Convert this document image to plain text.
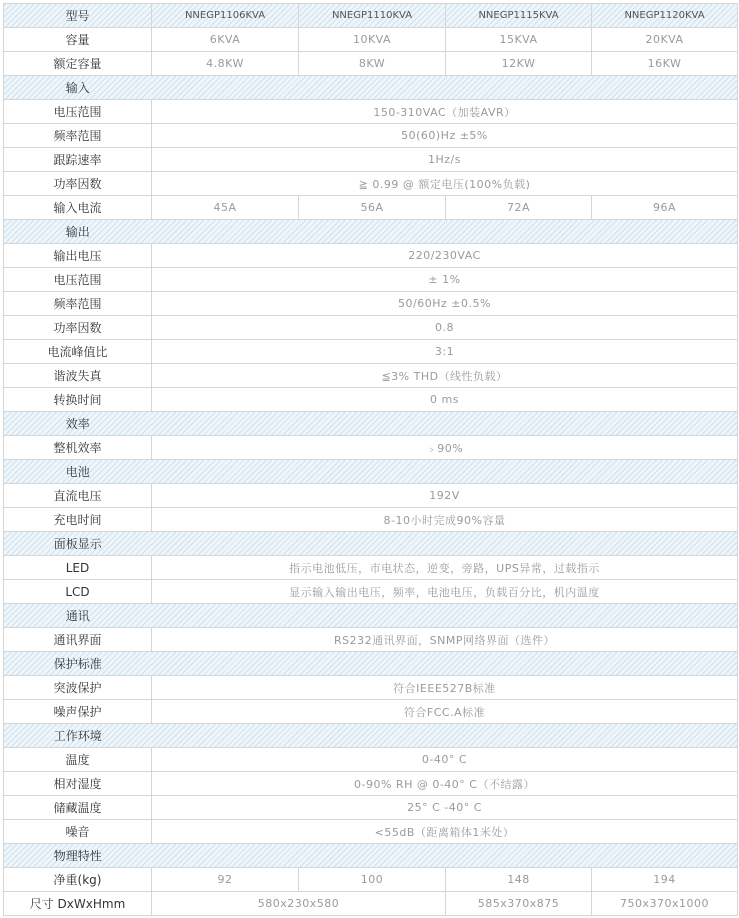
型号	NNEGP1106KVA	NNEGP1110KVA	NNEGP1115KVA	NNEGP1120KVA
容量	6KVA	10KVA	15KVA	20KVA
额定容量	4.8KW	8KW	12KW	16KW
输入				
电压范围	150-310VAC（加装AVR）			
频率范围	50(60)Hz ±5%			
跟踪速率	1Hz/s			
功率因数	≧ 0.99 @ 额定电压(100%负载)			
输入电流	45A	56A	72A	96A
输出				
输出电压	220/230VAC			
电压范围	± 1%			
频率范围	50/60Hz ±0.5%			
功率因数	0.8			
电流峰值比	3:1			
谐波失真	≦3% THD（线性负载）			
转换时间	0 ms			
效率				
整机效率	﹥90%			
电池				
直流电压	192V			
充电时间	8-10小时完成90%容量			
面板显示				
LED	指示电池低压，市电状态，逆变，旁路，UPS异常，过载指示			
LCD	显示输入输出电压，频率，电池电压，负载百分比，机内温度			
通讯				
通讯界面	RS232通讯界面，SNMP网络界面（选件）			
保护标准				
突波保护	符合IEEE527B标准			
噪声保护	符合FCC.A标准			
工作环境				
温度	0-40° C			
相对湿度	0-90% RH @ 0-40° C（不结露）			
储藏温度	25° C -40° C			
噪音	<55dB（距离箱体1米处）			
物理特性				
净重(kg)	92	100	148	194
尺寸 DxWxHmm	580x230x580		585x370x875	750x370x1000
